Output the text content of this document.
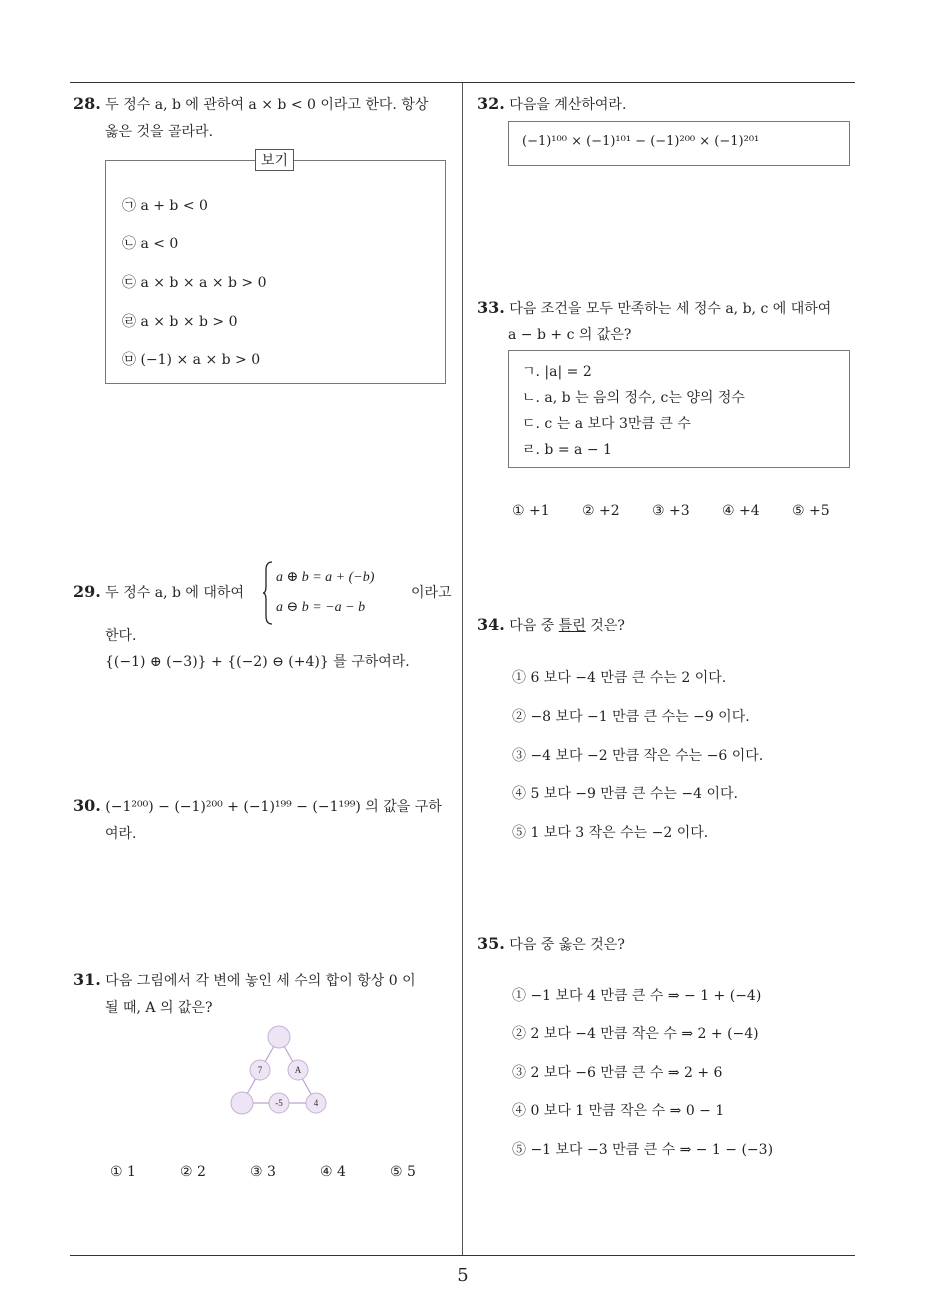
28. 두 정수 a, b 에 관하여 a × b < 0 이라고 한다. 항상
옳은 것을 골라라.
보기
㉠ a + b < 0
㉡ a < 0
㉢ a × b × a × b > 0
㉣ a × b × b > 0
㉤ (−1) × a × b > 0
29. 두 정수 a, b 에 대하여
a ⊕ b = a + (−b)
a ⊖ b = −a − b
이라고
한다.
{(−1) ⊕ (−3)} + {(−2) ⊖ (+4)} 를 구하여라.
30. (−1²⁰⁰) − (−1)²⁰⁰ + (−1)¹⁹⁹ − (−1¹⁹⁹) 의 값을 구하
여라.
31. 다음 그림에서 각 변에 놓인 세 수의 합이 항상 0 이
될 때, A 의 값은?
7	A
-5	4
① 1	② 2	③ 3	④ 4	⑤ 5
32. 다음을 계산하여라.
(−1)¹⁰⁰ × (−1)¹⁰¹ − (−1)²⁰⁰ × (−1)²⁰¹
33. 다음 조건을 모두 만족하는 세 정수 a, b, c 에 대하여
a − b + c 의 값은?
ㄱ. |a| = 2
ㄴ. a, b 는 음의 정수, c는 양의 정수
ㄷ. c 는 a 보다 3만큼 큰 수
ㄹ. b = a − 1
① +1 ② +2 ③ +3 ④ +4 ⑤ +5
34. 다음 중 틀린 것은?
① 6 보다 −4 만큼 큰 수는 2 이다.
② −8 보다 −1 만큼 큰 수는 −9 이다.
③ −4 보다 −2 만큼 작은 수는 −6 이다.
④ 5 보다 −9 만큼 큰 수는 −4 이다.
⑤ 1 보다 3 작은 수는 −2 이다.
35. 다음 중 옳은 것은?
① −1 보다 4 만큼 큰 수 ⇒ − 1 + (−4)
② 2 보다 −4 만큼 작은 수 ⇒ 2 + (−4)
③ 2 보다 −6 만큼 큰 수 ⇒ 2 + 6
④ 0 보다 1 만큼 작은 수 ⇒ 0 − 1
⑤ −1 보다 −3 만큼 큰 수 ⇒ − 1 − (−3)
5
